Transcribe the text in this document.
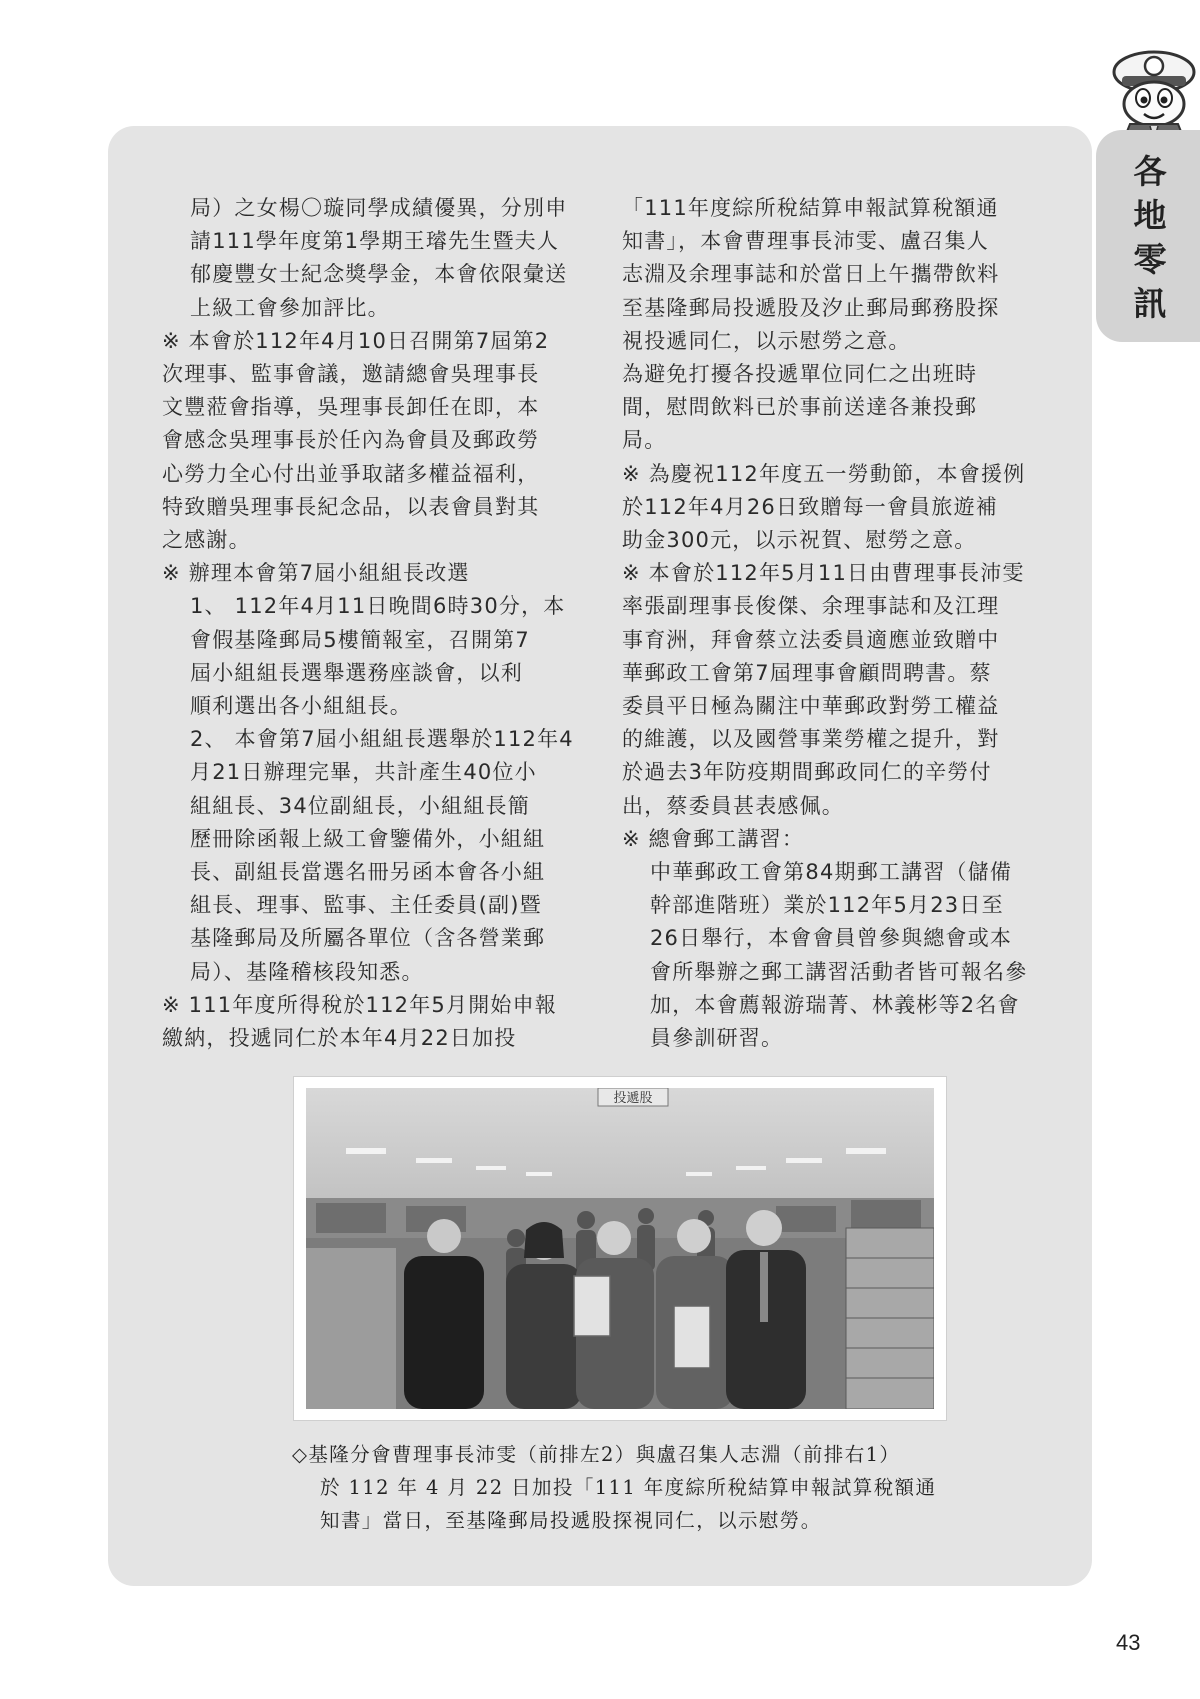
各
地
零
訊

局）之女楊〇璇同學成績優異，分別申

請111學年度第1學期王璿先生暨夫人

郁慶豐女士紀念獎學金，本會依限彙送

上級工會參加評比。

※ 本會於112年4月10日召開第7屆第2

次理事、監事會議，邀請總會吳理事長

文豐蒞會指導，吳理事長卸任在即，本

會感念吳理事長於任內為會員及郵政勞

心勞力全心付出並爭取諸多權益福利，

特致贈吳理事長紀念品，以表會員對其

之感謝。

※ 辦理本會第7屆小組組長改選

1、 112年4月11日晚間6時30分，本

會假基隆郵局5樓簡報室，召開第7

屆小組組長選舉選務座談會，以利

順利選出各小組組長。

2、 本會第7屆小組組長選舉於112年4

月21日辦理完畢，共計產生40位小

組組長、34位副組長，小組組長簡

歷冊除函報上級工會鑒備外，小組組

長、副組長當選名冊另函本會各小組

組長、理事、監事、主任委員(副)暨

基隆郵局及所屬各單位（含各營業郵

局）、基隆稽核段知悉。

※ 111年度所得稅於112年5月開始申報

繳納，投遞同仁於本年4月22日加投

「111年度綜所稅結算申報試算稅額通

知書」，本會曹理事長沛雯、盧召集人

志淵及余理事誌和於當日上午攜帶飲料

至基隆郵局投遞股及汐止郵局郵務股探

視投遞同仁，以示慰勞之意。

為避免打擾各投遞單位同仁之出班時

間，慰問飲料已於事前送達各兼投郵

局。

※ 為慶祝112年度五一勞動節，本會援例

於112年4月26日致贈每一會員旅遊補

助金300元，以示祝賀、慰勞之意。

※ 本會於112年5月11日由曹理事長沛雯

率張副理事長俊傑、余理事誌和及江理

事育洲，拜會蔡立法委員適應並致贈中

華郵政工會第7屆理事會顧問聘書。蔡

委員平日極為關注中華郵政對勞工權益

的維護，以及國營事業勞權之提升，對

於過去3年防疫期間郵政同仁的辛勞付

出，蔡委員甚表感佩。

※ 總會郵工講習：

中華郵政工會第84期郵工講習（儲備

幹部進階班）業於112年5月23日至

26日舉行，本會會員曾參與總會或本

會所舉辦之郵工講習活動者皆可報名參

加，本會薦報游瑞菁、林義彬等2名會

員參訓研習。

投遞股

◇基隆分會曹理事長沛雯（前排左2）與盧召集人志淵（前排右1）

於 112 年 4 月 22 日加投「111 年度綜所稅結算申報試算稅額通

知書」當日，至基隆郵局投遞股探視同仁，以示慰勞。

43
